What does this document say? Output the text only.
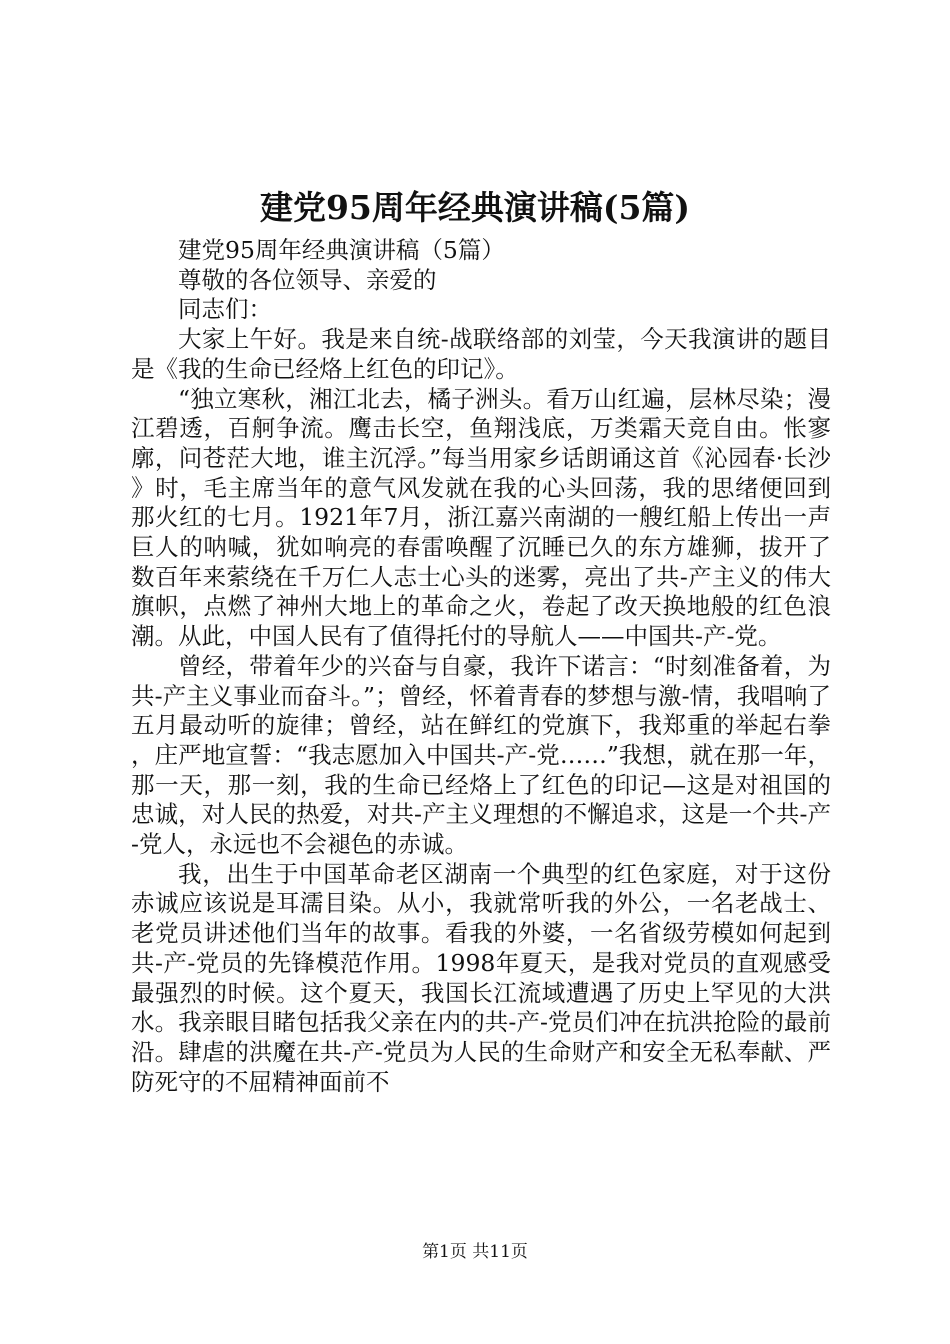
建党95周年经典演讲稿(5篇)

建党95周年经典演讲稿（5篇）

尊敬的各位领导、亲爱的

同志们：

大家上午好。我是来自统-战联络部的刘莹，今天我演讲的题目是《我的生命已经烙上红色的印记》。

“独立寒秋，湘江北去，橘子洲头。看万山红遍，层林尽染；漫江碧透，百舸争流。鹰击长空，鱼翔浅底，万类霜天竞自由。怅寥廓，问苍茫大地，谁主沉浮。”每当用家乡话朗诵这首《沁园春·长沙》时，毛主席当年的意气风发就在我的心头回荡，我的思绪便回到那火红的七月。1921年7月，浙江嘉兴南湖的一艘红船上传出一声巨人的呐喊，犹如响亮的春雷唤醒了沉睡已久的东方雄狮，拔开了数百年来萦绕在千万仁人志士心头的迷雾，亮出了共-产主义的伟大旗帜，点燃了神州大地上的革命之火，卷起了改天换地般的红色浪潮。从此，中国人民有了值得托付的导航人——中国共-产-党。

曾经，带着年少的兴奋与自豪，我许下诺言：“时刻准备着，为共-产主义事业而奋斗。”；曾经，怀着青春的梦想与激-情，我唱响了五月最动听的旋律；曾经，站在鲜红的党旗下，我郑重的举起右拳，庄严地宣誓：“我志愿加入中国共-产-党……”我想，就在那一年，那一天，那一刻，我的生命已经烙上了红色的印记—这是对祖国的忠诚，对人民的热爱，对共-产主义理想的不懈追求，这是一个共-产-党人，永远也不会褪色的赤诚。

我，出生于中国革命老区湖南一个典型的红色家庭，对于这份赤诚应该说是耳濡目染。从小，我就常听我的外公，一名老战士、老党员讲述他们当年的故事。看我的外婆，一名省级劳模如何起到共-产-党员的先锋模范作用。1998年夏天，是我对党员的直观感受最强烈的时候。这个夏天，我国长江流域遭遇了历史上罕见的大洪水。我亲眼目睹包括我父亲在内的共-产-党员们冲在抗洪抢险的最前沿。肆虐的洪魔在共-产-党员为人民的生命财产和安全无私奉献、严防死守的不屈精神面前不

第1页 共11页
